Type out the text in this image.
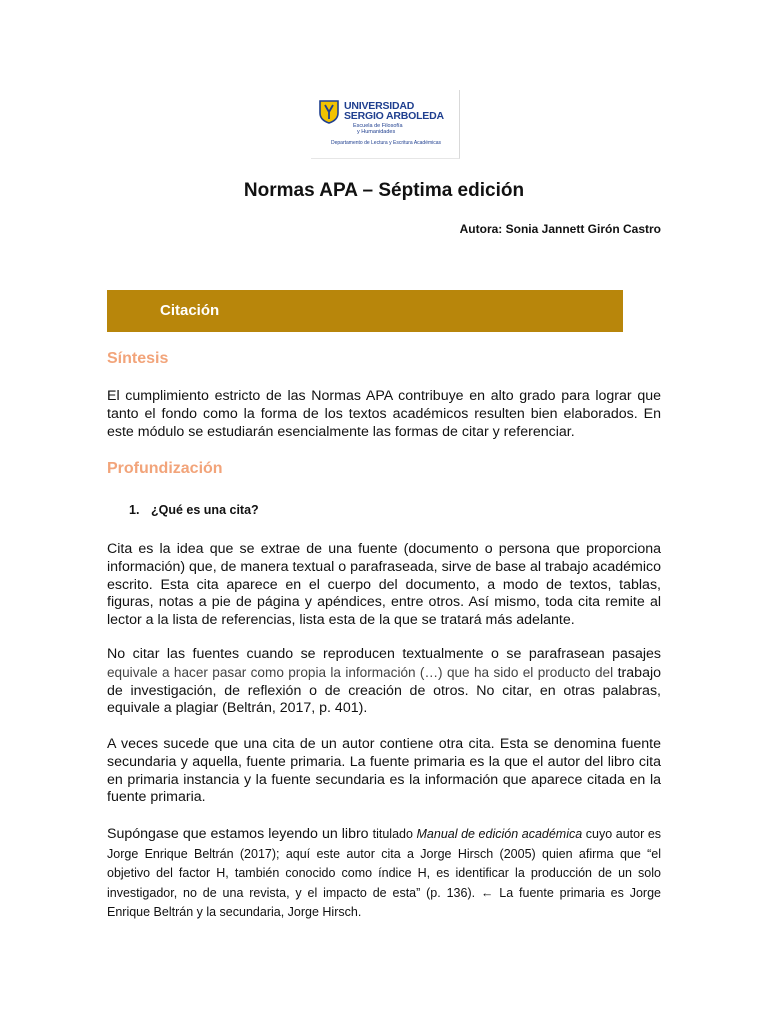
UNIVERSIDAD
SERGIO ARBOLEDA
Escuela de Filosofía
y Humanidades
Departamento de Lectura y Escritura Académicas
Normas APA – Séptima edición
Autora: Sonia Jannett Girón Castro
Citación
Síntesis
El cumplimiento estricto de las Normas APA contribuye en alto grado para lograr que tanto el fondo como la forma de los textos académicos resulten bien elaborados. En este módulo se estudiarán esencialmente las formas de citar y referenciar.
Profundización
1. ¿Qué es una cita?
Cita es la idea que se extrae de una fuente (documento o persona que proporciona información) que, de manera textual o parafraseada, sirve de base al trabajo académico escrito. Esta cita aparece en el cuerpo del documento, a modo de textos, tablas, figuras, notas a pie de página y apéndices, entre otros. Así mismo, toda cita remite al lector a la lista de referencias, lista esta de la que se tratará más adelante.
No citar las fuentes cuando se reproducen textualmente o se parafrasean pasajes equivale a hacer pasar como propia la información (…) que ha sido el producto del trabajo de investigación, de reflexión o de creación de otros. No citar, en otras palabras, equivale a plagiar (Beltrán, 2017, p. 401).
A veces sucede que una cita de un autor contiene otra cita. Esta se denomina fuente secundaria y aquella, fuente primaria. La fuente primaria es la que el autor del libro cita en primaria instancia y la fuente secundaria es la información que aparece citada en la fuente primaria.
Supóngase que estamos leyendo un libro titulado Manual de edición académica cuyo autor es Jorge Enrique Beltrán (2017); aquí este autor cita a Jorge Hirsch (2005) quien afirma que “el objetivo del factor H, también conocido como índice H, es identificar la producción de un solo investigador, no de una revista, y el impacto de esta” (p. 136). ← La fuente primaria es Jorge Enrique Beltrán y la secundaria, Jorge Hirsch.
